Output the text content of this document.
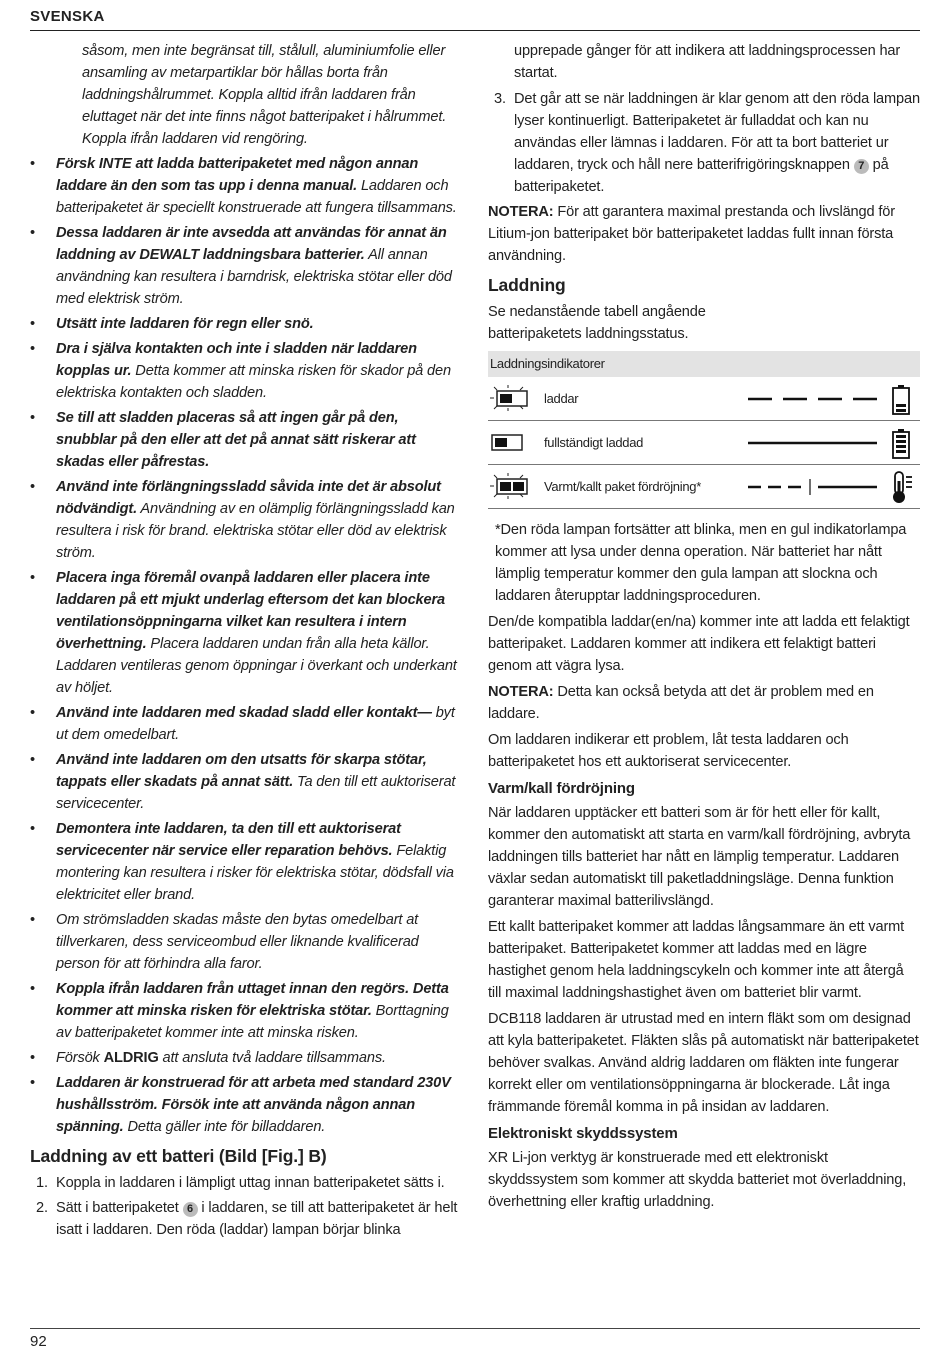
SVENSKA
såsom, men inte begränsat till, stålull, aluminiumfolie eller ansamling av metarpartiklar bör hållas borta från laddningshålrummet. Koppla alltid ifrån laddaren från eluttaget när det inte finns något batteripaket i hålrummet. Koppla ifrån laddaren vid rengöring.
• Försk INTE att ladda batteripaketet med någon annan laddare än den som tas upp i denna manual. Laddaren och batteripaketet är speciellt konstruerade att fungera tillsammans.
• Dessa laddaren är inte avsedda att användas för annat än laddning av DEWALT laddningsbara batterier. All annan användning kan resultera i barndrisk, elektriska stötar eller död med elektrisk ström.
• Utsätt inte laddaren för regn eller snö.
• Dra i själva kontakten och inte i sladden när laddaren kopplas ur. Detta kommer att minska risken för skador på den elektriska kontakten och sladden.
• Se till att sladden placeras så att ingen går på den, snubblar på den eller att det på annat sätt riskerar att skadas eller påfrestas.
• Använd inte förlängningssladd såvida inte det är absolut nödvändigt. Användning av en olämplig förlängningssladd kan resultera i risk för brand. elektriska stötar eller död av elektrisk ström.
• Placera inga föremål ovanpå laddaren eller placera inte laddaren på ett mjukt underlag eftersom det kan blockera ventilationsöppningarna vilket kan resultera i intern överhettning. Placera laddaren undan från alla heta källor. Laddaren ventileras genom öppningar i överkant och underkant av höljet.
• Använd inte laddaren med skadad sladd eller kontakt— byt ut dem omedelbart.
• Använd inte laddaren om den utsatts för skarpa stötar, tappats eller skadats på annat sätt. Ta den till ett auktoriserat servicecenter.
• Demontera inte laddaren, ta den till ett auktoriserat servicecenter när service eller reparation behövs. Felaktig montering kan resultera i risker för elektriska stötar, dödsfall via elektricitet eller brand.
• Om strömsladden skadas måste den bytas omedelbart at tillverkaren, dess serviceombud eller liknande kvalificerad person för att förhindra alla faror.
• Koppla ifrån laddaren från uttaget innan den regörs. Detta kommer att minska risken för elektriska stötar. Borttagning av batteripaketet kommer inte att minska risken.
• Försök ALDRIG att ansluta två laddare tillsammans.
• Laddaren är konstruerad för att arbeta med standard 230V hushållsström. Försök inte att använda någon annan spänning. Detta gäller inte för billaddaren.
Laddning av ett batteri (Bild [Fig.] B)
1. Koppla in laddaren i lämpligt uttag innan batteripaketet sätts i.
2. Sätt i batteripaketet 6 i laddaren, se till att batteripaketet är helt isatt i laddaren. Den röda (laddar) lampan börjar blinka
upprepade gånger för att indikera att laddningsprocessen har startat.
3. Det går att se när laddningen är klar genom att den röda lampan lyser kontinuerligt. Batteripaketet är fulladdat och kan nu användas eller lämnas i laddaren. För att ta bort batteriet ur laddaren, tryck och håll nere batterifrigöringsknappen 7 på batteripaketet.

NOTERA: För att garantera maximal prestanda och livslängd för Litium-jon batteripaket bör batteripaketet laddas fullt innan första användning.

Laddning

Se nedanstående tabell angående batteripaketets laddningsstatus.

Laddningsindikatorer
laddar
fullständigt laddad
Varmt/kallt paket fördröjning*
*Den röda lampan fortsätter att blinka, men en gul indikatorlampa kommer att lysa under denna operation. När batteriet har nått lämplig temperatur kommer den gula lampan att slockna och laddaren återupptar laddningsproceduren.

Den/de kompatibla laddar(en/na) kommer inte att ladda ett felaktigt batteripaket. Laddaren kommer att indikera ett felaktigt batteri genom att vägra lysa.

NOTERA: Detta kan också betyda att det är problem med en laddare.

Om laddaren indikerar ett problem, låt testa laddaren och batteripaketet hos ett auktoriserat servicecenter.

Varm/kall fördröjning

När laddaren upptäcker ett batteri som är för hett eller för kallt, kommer den automatiskt att starta en varm/kall fördröjning, avbryta laddningen tills batteriet har nått en lämplig temperatur. Laddaren växlar sedan automatiskt till paketladdningsläge. Denna funktion garanterar maximal batterilivslängd.

Ett kallt batteripaket kommer att laddas långsammare än ett varmt batteripaket. Batteripaketet kommer att laddas med en lägre hastighet genom hela laddningscykeln och kommer inte att återgå till maximal laddningshastighet även om batteriet blir varmt.

DCB118 laddaren är utrustad med en intern fläkt som om designad att kyla batteripaketet. Fläkten slås på automatiskt när batteripaketet behöver svalkas. Använd aldrig laddaren om fläkten inte fungerar korrekt eller om ventilationsöppningarna är blockerade. Låt inga främmande föremål komma in på insidan av laddaren.

Elektroniskt skyddssystem

XR Li-jon verktyg är konstruerade med ett elektroniskt skyddssystem som kommer att skydda batteriet mot överladdning, överhettning eller kraftig urladdning.

92
